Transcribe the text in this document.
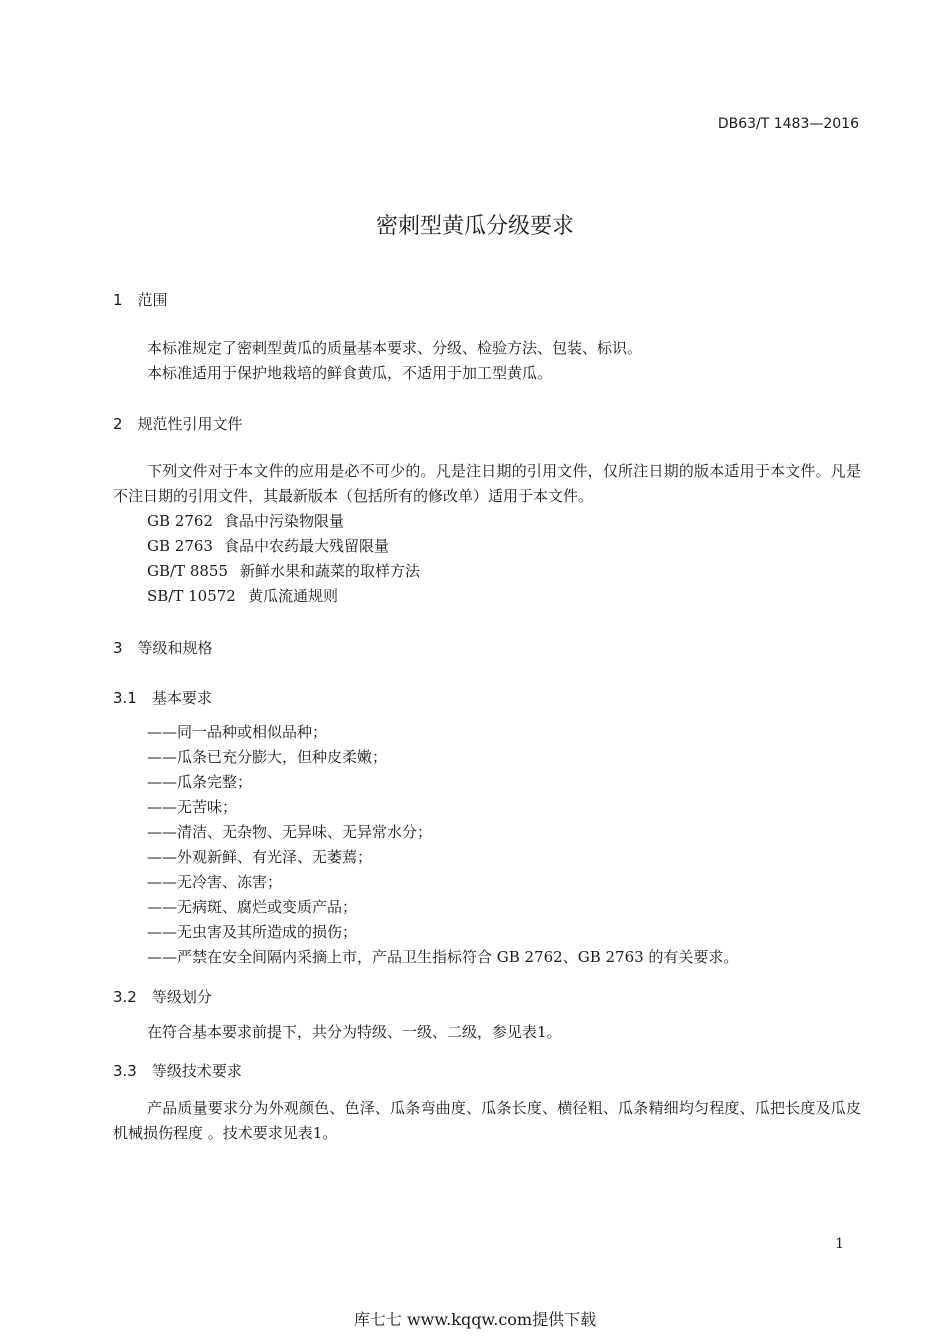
DB63/T 1483—2016
密刺型黄瓜分级要求
1　范围
本标准规定了密刺型黄瓜的质量基本要求、分级、检验方法、包装、标识。
本标准适用于保护地栽培的鲜食黄瓜，不适用于加工型黄瓜。
2　规范性引用文件
下列文件对于本文件的应用是必不可少的。凡是注日期的引用文件，仅所注日期的版本适用于本文件。凡是不注日期的引用文件，其最新版本（包括所有的修改单）适用于本文件。
GB 2762 食品中污染物限量
GB 2763 食品中农药最大残留限量
GB/T 8855 新鲜水果和蔬菜的取样方法
SB/T 10572 黄瓜流通规则
3　等级和规格
3.1　基本要求
——同一品种或相似品种；
——瓜条已充分膨大，但种皮柔嫩；
——瓜条完整；
——无苦味；
——清洁、无杂物、无异味、无异常水分；
——外观新鲜、有光泽、无萎蔫；
——无冷害、冻害；
——无病斑、腐烂或变质产品；
——无虫害及其所造成的损伤；
——严禁在安全间隔内采摘上市，产品卫生指标符合 GB 2762、GB 2763 的有关要求。
3.2　等级划分
在符合基本要求前提下，共分为特级、一级、二级，参见表1。
3.3　等级技术要求
产品质量要求分为外观颜色、色泽、瓜条弯曲度、瓜条长度、横径粗、瓜条精细均匀程度、瓜把长度及瓜皮机械损伤程度 。技术要求见表1。
1
库七七 www.kqqw.com提供下载
